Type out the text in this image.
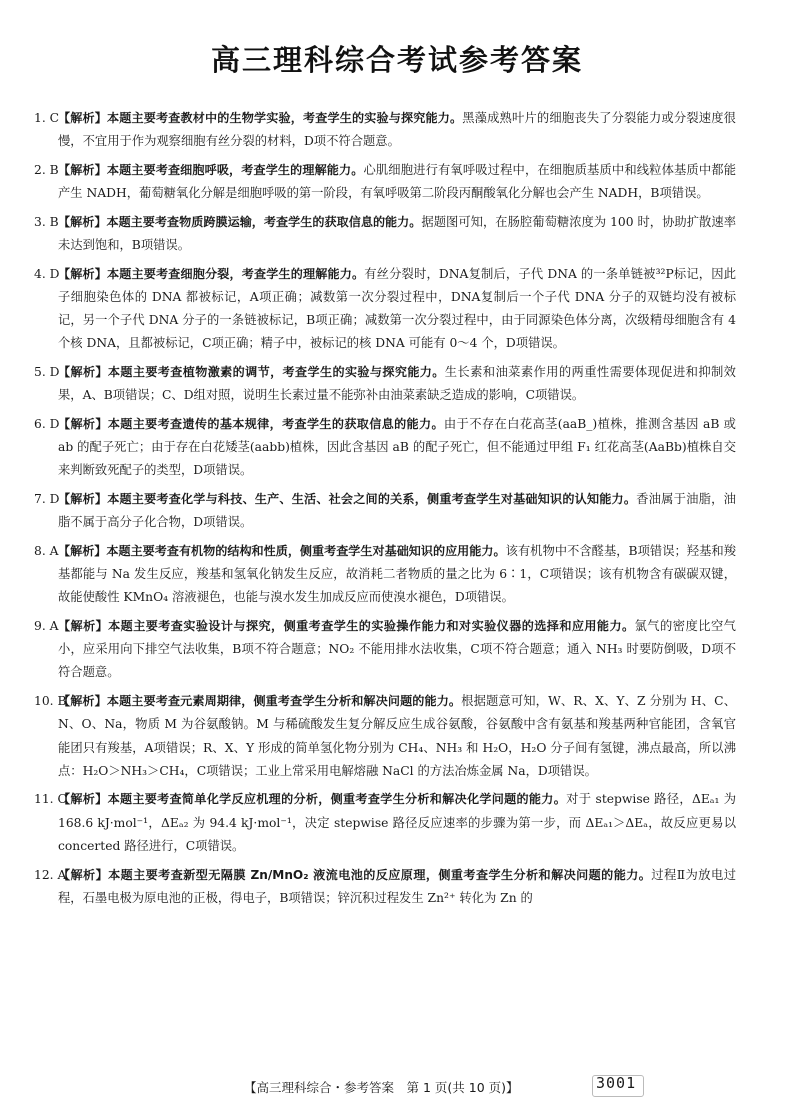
高三理科综合考试参考答案
1. C
【解析】本题主要考查教材中的生物学实验，考查学生的实验与探究能力。黑藻成熟叶片的细胞丧失了分裂能力或分裂速度很慢，不宜用于作为观察细胞有丝分裂的材料，D项不符合题意。
2. B 【解析】本题主要考查细胞呼吸，考查学生的理解能力。心肌细胞进行有氧呼吸过程中，在细胞质基质中和线粒体基质中都能产生 NADH，葡萄糖氧化分解是细胞呼吸的第一阶段，有氧呼吸第二阶段丙酮酸氧化分解也会产生 NADH，B项错误。
3. B 【解析】本题主要考查物质跨膜运输，考查学生的获取信息的能力。据题图可知，在肠腔葡萄糖浓度为 100 时，协助扩散速率未达到饱和，B项错误。
4. D
【解析】本题主要考查细胞分裂，考查学生的理解能力。有丝分裂时，DNA复制后，子代 DNA 的一条单链被³²P标记，因此子细胞染色体的 DNA 都被标记，A项正确；减数第一次分裂过程中，DNA复制后一个子代 DNA 分子的双链均没有被标记，另一个子代 DNA 分子的一条链被标记，B项正确；减数第一次分裂过程中，由于同源染色体分离，次级精母细胞含有 4 个核 DNA，且都被标记，C项正确；精子中，被标记的核 DNA 可能有 0～4 个，D项错误。
5. D
【解析】本题主要考查植物激素的调节，考查学生的实验与探究能力。生长素和油菜素作用的两重性需要体现促进和抑制效果，A、B项错误；C、D组对照，说明生长素过量不能弥补由油菜素缺乏造成的影响，C项错误。
6. D
【解析】本题主要考查遗传的基本规律，考查学生的获取信息的能力。由于不存在白花高茎(aaB_)植株，推测含基因 aB 或 ab 的配子死亡；由于存在白花矮茎(aabb)植株，因此含基因 aB 的配子死亡，但不能通过甲组 F₁ 红花高茎(AaBb)植株自交来判断致死配子的类型，D项错误。
7. D
【解析】本题主要考查化学与科技、生产、生活、社会之间的关系，侧重考查学生对基础知识的认知能力。香油属于油脂，油脂不属于高分子化合物，D项错误。
8. A 【解析】本题主要考查有机物的结构和性质，侧重考查学生对基础知识的应用能力。该有机物中不含醛基，B项错误；羟基和羧基都能与 Na 发生反应，羧基和氢氧化钠发生反应，故消耗二者物质的量之比为 6∶1，C项错误；该有机物含有碳碳双键，故能使酸性 KMnO₄ 溶液褪色，也能与溴水发生加成反应而使溴水褪色，D项错误。
9. A 【解析】本题主要考查实验设计与探究，侧重考查学生的实验操作能力和对实验仪器的选择和应用能力。氯气的密度比空气小，应采用向下排空气法收集，B项不符合题意；NO₂ 不能用排水法收集，C项不符合题意；通入 NH₃ 时要防倒吸，D项不符合题意。
10. B
【解析】本题主要考查元素周期律，侧重考查学生分析和解决问题的能力。根据题意可知，W、R、X、Y、Z 分别为 H、C、N、O、Na，物质 M 为谷氨酸钠。M 与稀硫酸发生复分解反应生成谷氨酸，谷氨酸中含有氨基和羧基两种官能团，含氧官能团只有羧基，A项错误；R、X、Y 形成的简单氢化物分别为 CH₄、NH₃ 和 H₂O，H₂O 分子间有氢键，沸点最高，所以沸点：H₂O＞NH₃＞CH₄，C项错误；工业上常采用电解熔融 NaCl 的方法冶炼金属 Na，D项错误。
11. C
【解析】本题主要考查简单化学反应机理的分析，侧重考查学生分析和解决化学问题的能力。对于 stepwise 路径，ΔEₐ₁ 为 168.6 kJ·mol⁻¹，ΔEₐ₂ 为 94.4 kJ·mol⁻¹，决定 stepwise 路径反应速率的步骤为第一步，而 ΔEₐ₁＞ΔEₐ，故反应更易以 concerted 路径进行，C项错误。
12. A
【解析】本题主要考查新型无隔膜 Zn/MnO₂ 液流电池的反应原理，侧重考查学生分析和解决问题的能力。过程Ⅱ为放电过程，石墨电极为原电池的正极，得电子，B项错误；锌沉积过程发生 Zn²⁺ 转化为 Zn 的
【高三理科综合・参考答案　第 1 页(共 10 页)】	3001
